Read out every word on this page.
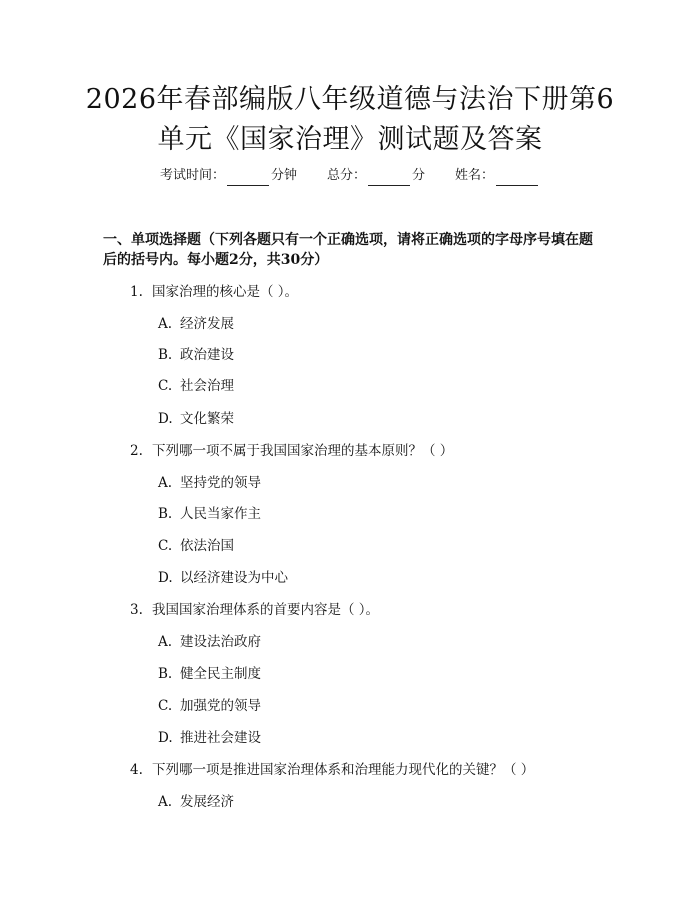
2026年春部编版八年级道德与法治下册第6
单元《国家治理》测试题及答案
考试时间：	分钟 总分：	分 姓名：
一、单项选择题（下列各题只有一个正确选项，请将正确选项的字母序号填在题后的括号内。每小题2分，共30分）
1. 国家治理的核心是（ ）。
A. 经济发展
B. 政治建设
C. 社会治理
D. 文化繁荣
2. 下列哪一项不属于我国国家治理的基本原则？（ ）
A. 坚持党的领导
B. 人民当家作主
C. 依法治国
D. 以经济建设为中心
3. 我国国家治理体系的首要内容是（ ）。
A. 建设法治政府
B. 健全民主制度
C. 加强党的领导
D. 推进社会建设
4. 下列哪一项是推进国家治理体系和治理能力现代化的关键？（ ）
A. 发展经济
